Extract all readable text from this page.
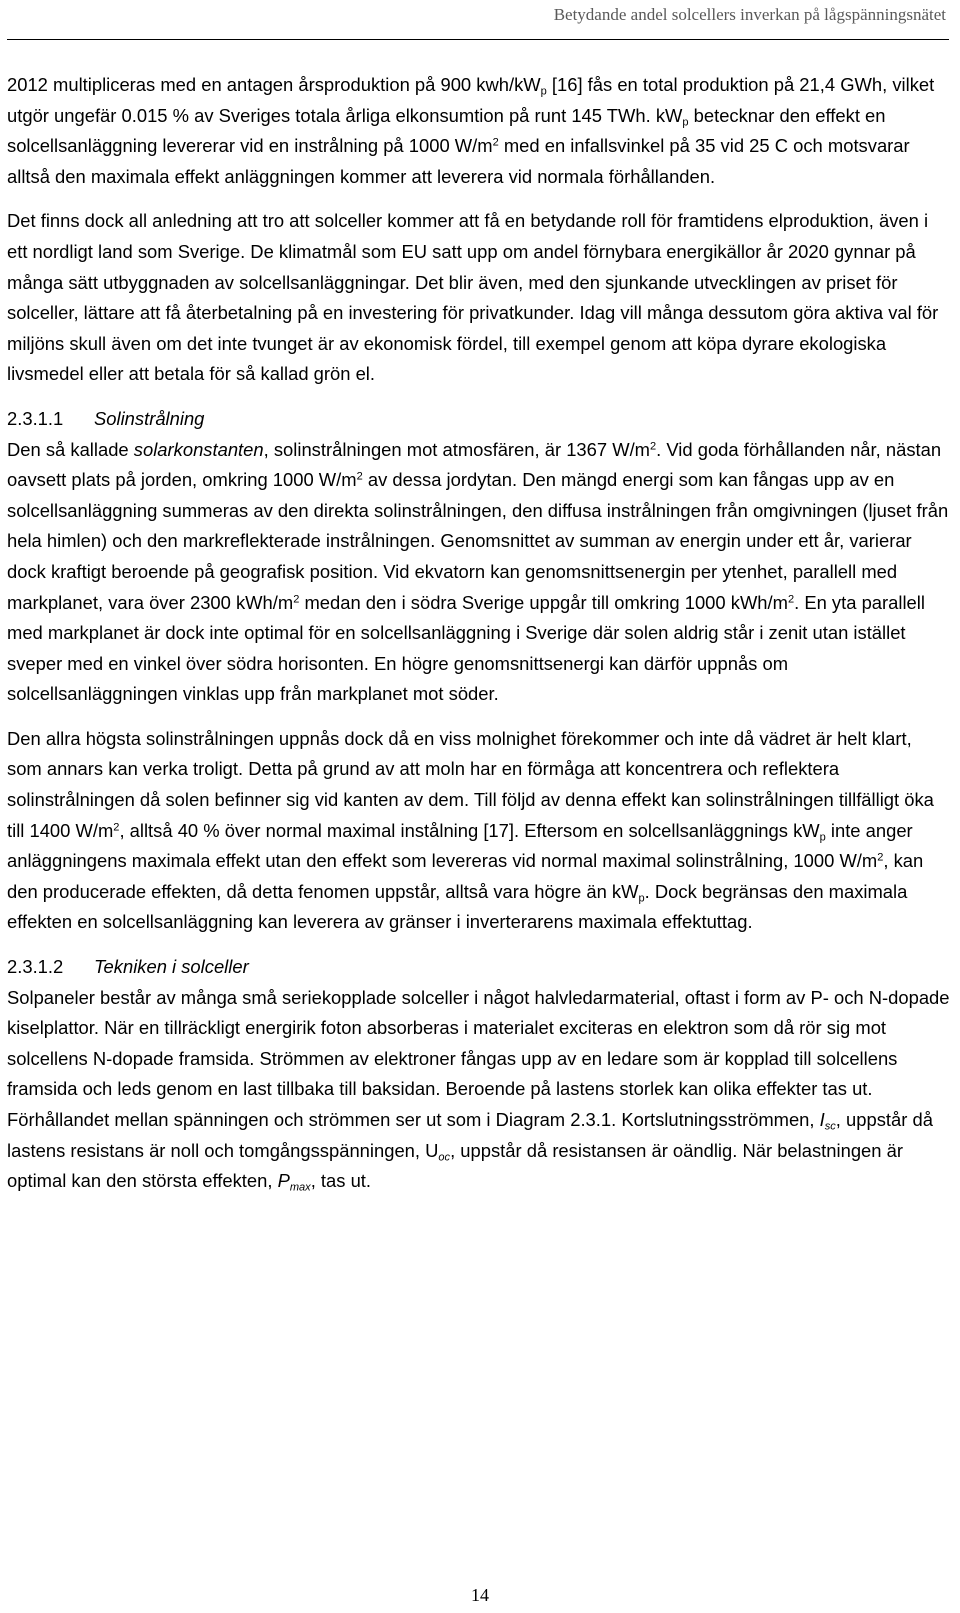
Betydande andel solcellers inverkan på lågspänningsnätet

2012 multipliceras med en antagen årsproduktion på 900 kwh/$kW_p$ [16] fås en total produktion på 21,4 GWh, vilket utgör ungefär 0.015 % av Sveriges totala årliga elkonsumtion på runt 145 TWh. $kW_p$ betecknar den effekt en solcellsanläggning levererar vid en instrålning på 1000 $W/m^2$ med en infallsvinkel på 35 vid 25 C och motsvarar alltså den maximala effekt anläggningen kommer att leverera vid normala förhållanden.

Det finns dock all anledning att tro att solceller kommer att få en betydande roll för framtidens elproduktion, även i ett nordligt land som Sverige. De klimatmål som EU satt upp om andel förnybara energikällor år 2020 gynnar på många sätt utbyggnaden av solcellsanläggningar. Det blir även, med den sjunkande utvecklingen av priset för solceller, lättare att få återbetalning på en investering för privatkunder. Idag vill många dessutom göra aktiva val för miljöns skull även om det inte tvunget är av ekonomisk fördel, till exempel genom att köpa dyrare ekologiska livsmedel eller att betala för så kallad grön el.

2.3.1.1 Solinstrålning

Den så kallade solarkonstanten, solinstrålningen mot atmosfären, är 1367 $W/m^2$. Vid goda förhållanden når, nästan oavsett plats på jorden, omkring 1000 $W/m^2$ av dessa jordytan. Den mängd energi som kan fångas upp av en solcellsanläggning summeras av den direkta solinstrålningen, den diffusa instrålningen från omgivningen (ljuset från hela himlen) och den markreflekterade instrålningen. Genomsnittet av summan av energin under ett år, varierar dock kraftigt beroende på geografisk position. Vid ekvatorn kan genomsnittsenergin per ytenhet, parallell med markplanet, vara över 2300 kWh/$m^2$ medan den i södra Sverige uppgår till omkring 1000 kWh/$m^2$. En yta parallell med markplanet är dock inte optimal för en solcellsanläggning i Sverige där solen aldrig står i zenit utan istället sveper med en vinkel över södra horisonten. En högre genomsnittsenergi kan därför uppnås om solcellsanläggningen vinklas upp från markplanet mot söder.

Den allra högsta solinstrålningen uppnås dock då en viss molnighet förekommer och inte då vädret är helt klart, som annars kan verka troligt. Detta på grund av att moln har en förmåga att koncentrera och reflektera solinstrålningen då solen befinner sig vid kanten av dem. Till följd av denna effekt kan solinstrålningen tillfälligt öka till 1400 $W/m^2$, alltså 40 % över normal maximal instålning [17]. Eftersom en solcellsanläggnings $kW_p$ inte anger anläggningens maximala effekt utan den effekt som levereras vid normal maximal solinstrålning, 1000 $W/m^2$, kan den producerade effekten, då detta fenomen uppstår, alltså vara högre än $kW_p$. Dock begränsas den maximala effekten en solcellsanläggning kan leverera av gränser i inverterarens maximala effektuttag.

2.3.1.2 Tekniken i solceller

Solpaneler består av många små seriekopplade solceller i något halvledarmaterial, oftast i form av P- och N-dopade kiselplattor. När en tillräckligt energirik foton absorberas i materialet exciteras en elektron som då rör sig mot solcellens N-dopade framsida. Strömmen av elektroner fångas upp av en ledare som är kopplad till solcellens framsida och leds genom en last tillbaka till baksidan. Beroende på lastens storlek kan olika effekter tas ut. Förhållandet mellan spänningen och strömmen ser ut som i Diagram 2.3.1. Kortslutningsströmmen, $I_{sc}$, uppstår då lastens resistans är noll och tomgångsspänningen, $U_{oc}$, uppstår då resistansen är oändlig. När belastningen är optimal kan den största effekten, $P_{max}$, tas ut.

14
